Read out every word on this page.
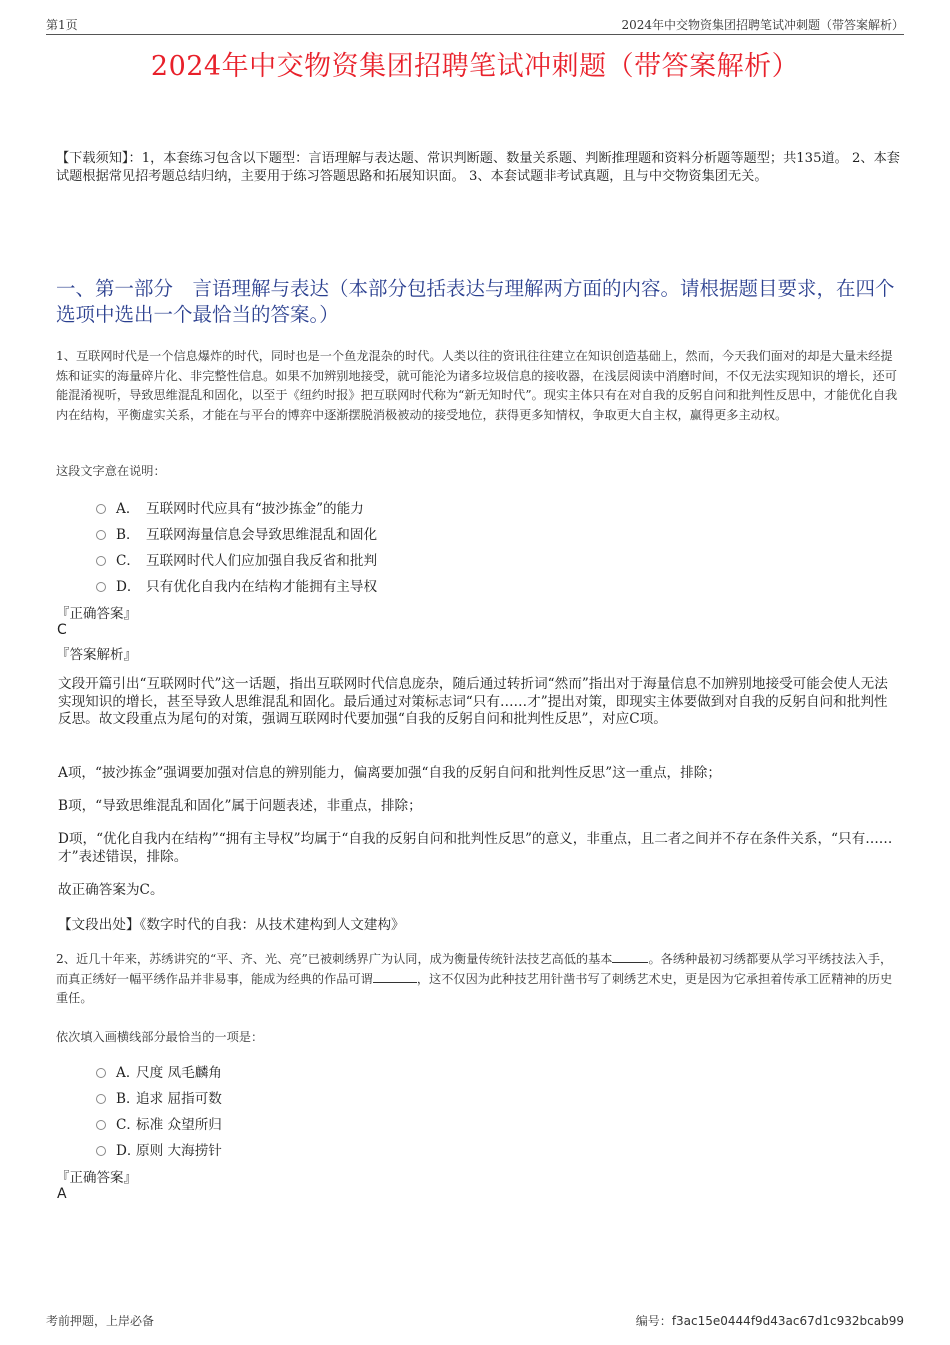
第1页	2024年中交物资集团招聘笔试冲刺题（带答案解析）
2024年中交物资集团招聘笔试冲刺题（带答案解析）
【下载须知】：1，本套练习包含以下题型：言语理解与表达题、常识判断题、数量关系题、判断推理题和资料分析题等题型；共135道。 2、本套试题根据常见招考题总结归纳，主要用于练习答题思路和拓展知识面。 3、本套试题非考试真题，且与中交物资集团无关。
一、第一部分　言语理解与表达（本部分包括表达与理解两方面的内容。请根据题目要求，在四个选项中选出一个最恰当的答案。）
1、互联网时代是一个信息爆炸的时代，同时也是一个鱼龙混杂的时代。人类以往的资讯往往建立在知识创造基础上，然而，今天我们面对的却是大量未经提炼和证实的海量碎片化、非完整性信息。如果不加辨别地接受，就可能沦为诸多垃圾信息的接收器，在浅层阅读中消磨时间，不仅无法实现知识的增长，还可能混淆视听，导致思维混乱和固化，以至于《纽约时报》把互联网时代称为“新无知时代”。现实主体只有在对自我的反躬自问和批判性反思中，才能优化自我内在结构，平衡虚实关系，才能在与平台的博弈中逐渐摆脱消极被动的接受地位，获得更多知情权，争取更大自主权，赢得更多主动权。
这段文字意在说明：
A． 互联网时代应具有“披沙拣金”的能力
B． 互联网海量信息会导致思维混乱和固化
C． 互联网时代人们应加强自我反省和批判
D． 只有优化自我内在结构才能拥有主导权
『正确答案』
C
『答案解析』
文段开篇引出“互联网时代”这一话题，指出互联网时代信息庞杂，随后通过转折词“然而”指出对于海量信息不加辨别地接受可能会使人无法实现知识的增长，甚至导致人思维混乱和固化。最后通过对策标志词“只有……才”提出对策，即现实主体要做到对自我的反躬自问和批判性反思。故文段重点为尾句的对策，强调互联网时代要加强“自我的反躬自问和批判性反思”，对应C项。
A项，“披沙拣金”强调要加强对信息的辨别能力，偏离要加强“自我的反躬自问和批判性反思”这一重点，排除；
B项，“导致思维混乱和固化”属于问题表述，非重点，排除；
D项，“优化自我内在结构”“拥有主导权”均属于“自我的反躬自问和批判性反思”的意义，非重点，且二者之间并不存在条件关系，“只有……才”表述错误，排除。
故正确答案为C。
【文段出处】《数字时代的自我：从技术建构到人文建构》
2、近几十年来，苏绣讲究的“平、齐、光、亮”已被刺绣界广为认同，成为衡量传统针法技艺高低的基本	。各绣种最初习绣都要从学习平绣技法入手，而真正绣好一幅平绣作品并非易事，能成为经典的作品可谓	，这不仅因为此种技艺用针凿书写了刺绣艺术史，更是因为它承担着传承工匠精神的历史重任。
依次填入画横线部分最恰当的一项是：
A．
尺度 凤毛麟角
B．
追求 屈指可数
C．
标准 众望所归
D．
原则 大海捞针
『正确答案』
A
考前押题，上岸必备	编号：f3ac15e0444f9d43ac67d1c932bcab99
